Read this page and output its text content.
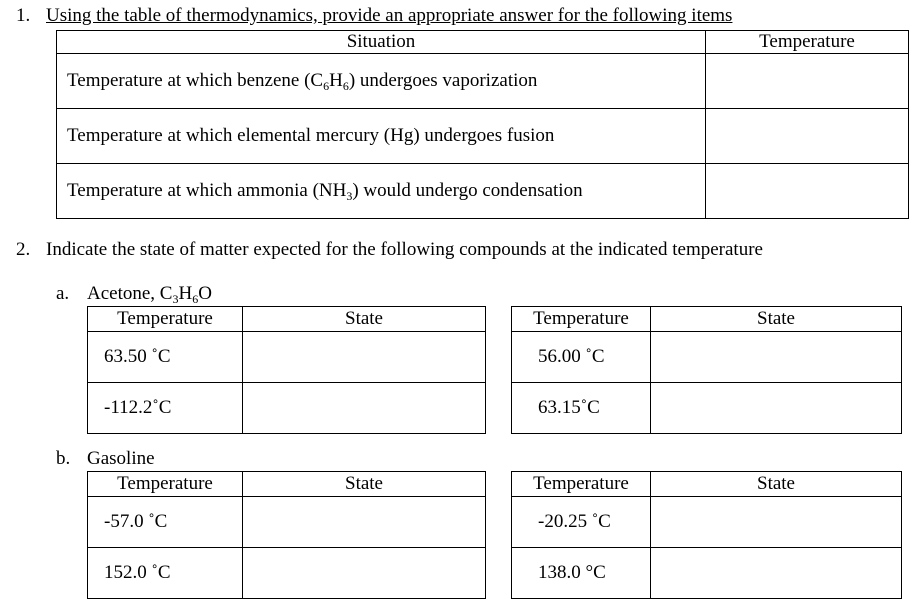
1. Using the table of thermodynamics, provide an appropriate answer for the following items
Situation	Temperature
Temperature at which benzene $(C_6H_6)$ undergoes vaporization	
Temperature at which elemental mercury (Hg) undergoes fusion	
Temperature at which ammonia $(NH_3)$ would undergo condensation	
2. Indicate the state of matter expected for the following compounds at the indicated temperature
a. Acetone, $C_3H_6O$
Temperature	State
63.50 ˚C	
-112.2˚C	
Temperature	State
56.00 ˚C	
63.15˚C	
b. Gasoline
Temperature	State
-57.0 ˚C	
152.0 ˚C	
Temperature	State
-20.25 ˚C	
138.0 °C	
